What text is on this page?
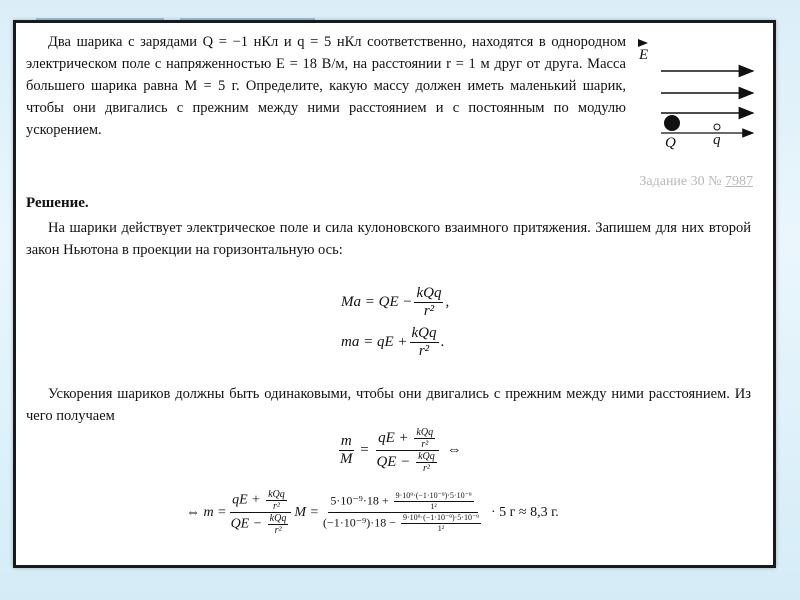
Два шарика с зарядами Q = −1 нКл и q = 5 нКл соответственно, находятся в однородном электрическом поле с напряженностью E = 18 В/м, на расстоянии r = 1 м друг от друга. Масса большего шарика равна M = 5 г. Определите, какую массу должен иметь маленький шарик, чтобы они двигались с прежним между ними расстоянием и с постоянным по модулю ускорением.
E
Q q
Задание 30 № 7987
Решение.
На шарики действует электрическое поле и сила кулоновского взаимного притяжения. Запишем для них второй закон Ньютона в проекции на горизонтальную ось:
Ma = QE − $\frac{\text{kQq}}{\text{r²}}$ ,
ma = qE + $\frac{\text{kQq}}{\text{r²}}$ .
Ускорения шариков должны быть одинаковыми, чтобы они двигались с прежним между ними расстоянием. Из чего получаем
$\frac{m}{M} = \frac{qE + \frac{\text{kQq}}{\text{r²}}}{QE - \frac{\text{kQq}}{\text{r²}}}$ ⇔
⇔ $m = \frac{qE + \frac{\text{kQq}}{\text{r²}}}{QE - \frac{\text{kQq}}{\text{r²}}}$ M =
$5\cdot 10^{-9}\cdot 18 + \frac{\text{9·10⁹·(−1·10⁻⁹)·5·10⁻⁹}}{\text{1²}}$
$(-1\cdot 10^{-9})\cdot 18 - \frac{\text{9·10⁹·(−1·10⁻⁹)·5·10⁻⁹}}{\text{1²}}$
· 5 г ≈ 8,3 г.
